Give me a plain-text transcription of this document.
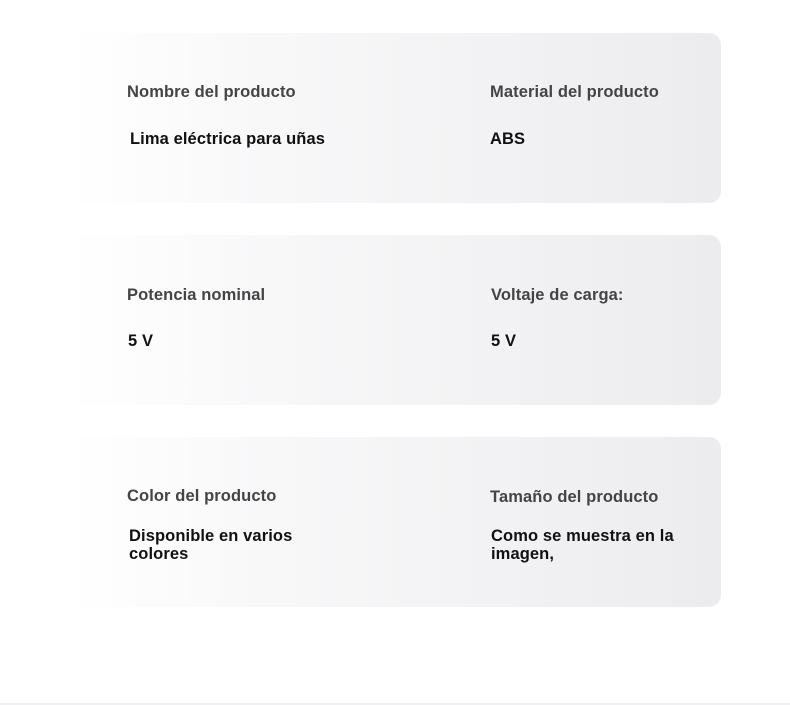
Nombre del producto
Lima eléctrica para uñas
Material del producto
ABS
Potencia nominal
5 V
Voltaje de carga:
5 V
Color del producto
Disponible en varios colores
Tamaño del producto
Como se muestra en la imagen,
